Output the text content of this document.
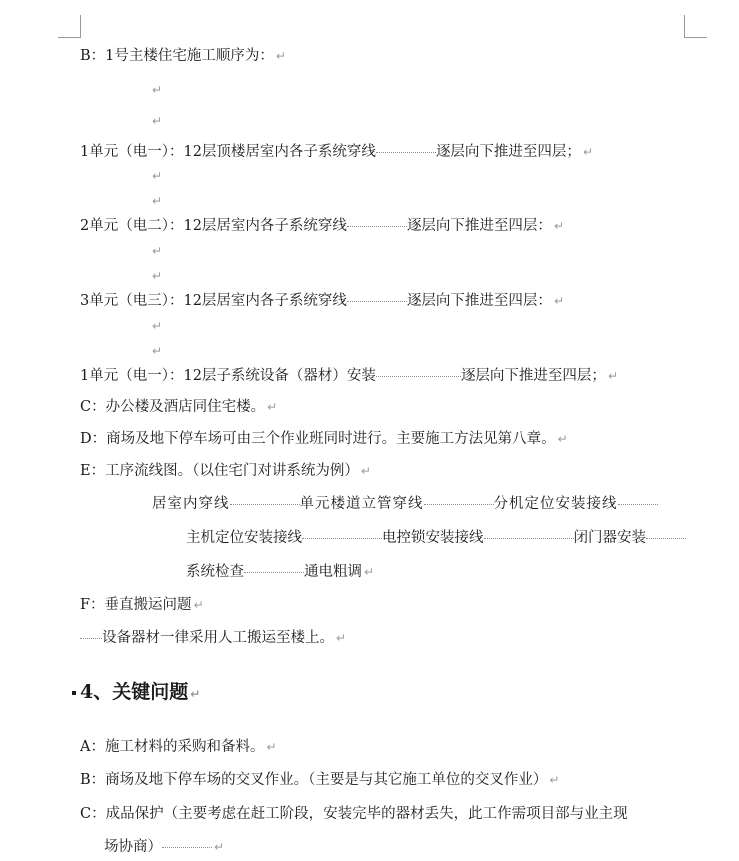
B：1号主楼住宅施工顺序为： ↵
↵
↵
1单元（电一）：12层顶楼居室内各子系统穿线	逐层向下推进至四层； ↵
↵
↵
2单元（电二）：12层居室内各子系统穿线	逐层向下推进至四层： ↵
↵
↵
3单元（电三）：12层居室内各子系统穿线	逐层向下推进至四层： ↵
↵
↵
1单元（电一）：12层子系统设备（器材）安装	逐层向下推进至四层； ↵
C：办公楼及酒店同住宅楼。 ↵
D：商场及地下停车场可由三个作业班同时进行。主要施工方法见第八章。 ↵
E：工序流线图。（以住宅门对讲系统为例） ↵
居室内穿线	单元楼道立管穿线	分机定位安装接线
主机定位安装接线	电控锁安装接线	闭门器安装
系统检查	通电粗调 ↵
F：垂直搬运问题 ↵
设备器材一律采用人工搬运至楼上。 ↵
4、关键问题 ↵
A：施工材料的采购和备料。 ↵
B：商场及地下停车场的交叉作业。（主要是与其它施工单位的交叉作业） ↵
C：成品保护（主要考虑在赶工阶段，安装完毕的器材丢失，此工作需项目部与业主现
场协商）	↵
